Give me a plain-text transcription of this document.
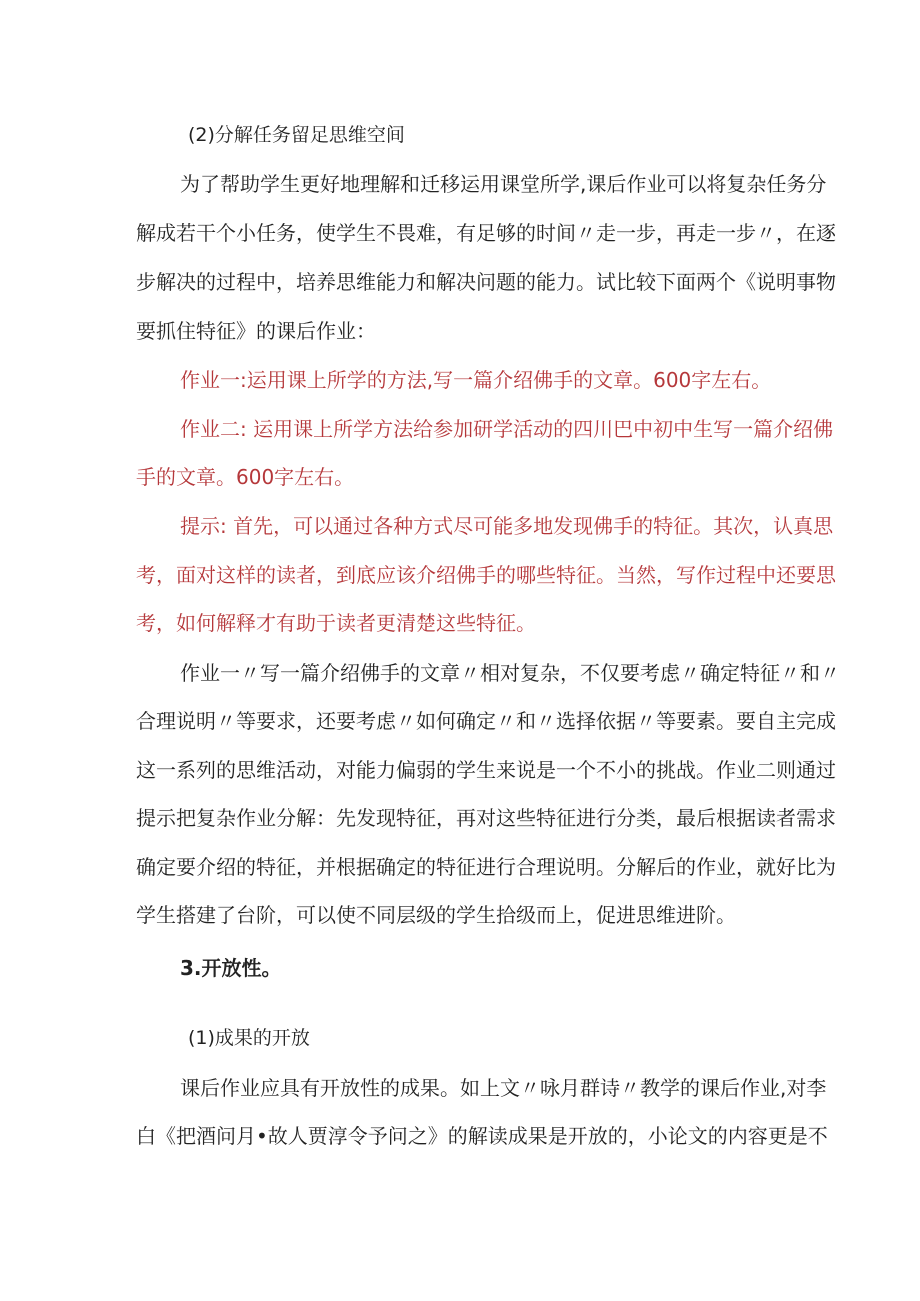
(2)分解任务留足思维空间
为了帮助学生更好地理解和迁移运用课堂所学,课后作业可以将复杂任务分
解成若干个小任务，使学生不畏难，有足够的时间〃走一步，再走一步〃，在逐
步解决的过程中，培养思维能力和解决问题的能力。试比较下面两个《说明事物
要抓住特征》的课后作业：
作业一:运用课上所学的方法,写一篇介绍佛手的文章。600字左右。
作业二: 运用课上所学方法给参加研学活动的四川巴中初中生写一篇介绍佛
手的文章。600字左右。
提示: 首先，可以通过各种方式尽可能多地发现佛手的特征。其次，认真思
考，面对这样的读者，到底应该介绍佛手的哪些特征。当然，写作过程中还要思
考，如何解释才有助于读者更清楚这些特征。
作业一〃写一篇介绍佛手的文章〃相对复杂，不仅要考虑〃确定特征〃和〃
合理说明〃等要求，还要考虑〃如何确定〃和〃选择依据〃等要素。要自主完成
这一系列的思维活动，对能力偏弱的学生来说是一个不小的挑战。作业二则通过
提示把复杂作业分解：先发现特征，再对这些特征进行分类，最后根据读者需求
确定要介绍的特征，并根据确定的特征进行合理说明。分解后的作业，就好比为
学生搭建了台阶，可以使不同层级的学生拾级而上，促进思维进阶。
3.开放性。
(1)成果的开放
课后作业应具有开放性的成果。如上文〃咏月群诗〃教学的课后作业,对李
白《把酒问月•故人贾淳令予问之》的解读成果是开放的，小论文的内容更是不
